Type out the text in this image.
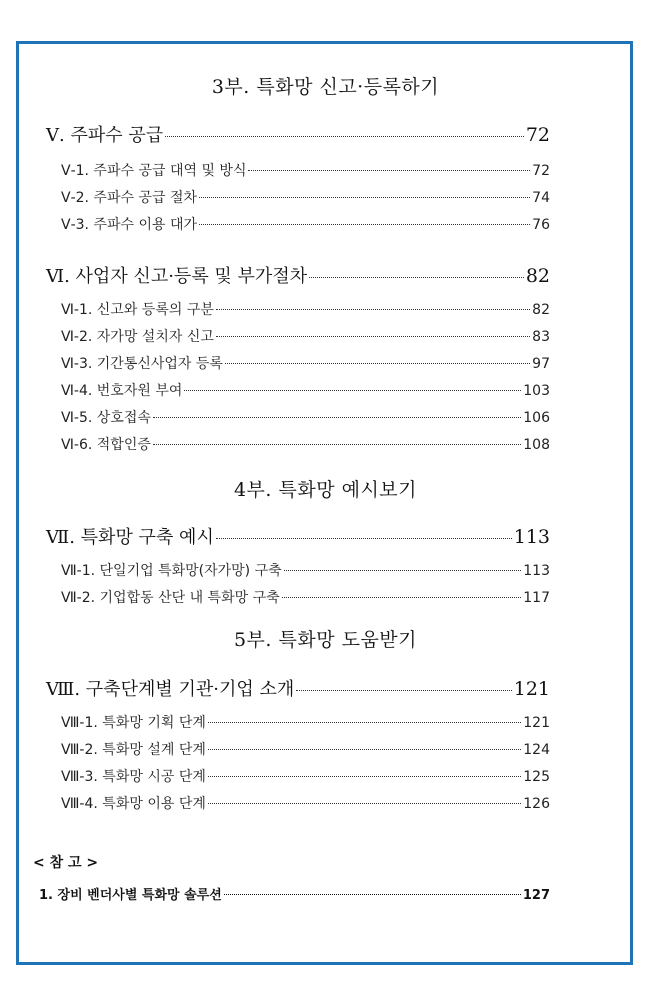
3부. 특화망 신고·등록하기
Ⅴ. 주파수 공급	72
Ⅴ-1. 주파수 공급 대역 및 방식	72
Ⅴ-2. 주파수 공급 절차	74
Ⅴ-3. 주파수 이용 대가	76
Ⅵ. 사업자 신고·등록 및 부가절차	82
Ⅵ-1. 신고와 등록의 구분	82
Ⅵ-2. 자가망 설치자 신고	83
Ⅵ-3. 기간통신사업자 등록	97
Ⅵ-4. 번호자원 부여	103
Ⅵ-5. 상호접속	106
Ⅵ-6. 적합인증	108
4부. 특화망 예시보기
Ⅶ. 특화망 구축 예시	113
Ⅶ-1. 단일기업 특화망(자가망) 구축	113
Ⅶ-2. 기업합동 산단 내 특화망 구축	117
5부. 특화망 도움받기
Ⅷ. 구축단계별 기관·기업 소개	121
Ⅷ-1. 특화망 기획 단계	121
Ⅷ-2. 특화망 설계 단계	124
Ⅷ-3. 특화망 시공 단계	125
Ⅷ-4. 특화망 이용 단계	126
< 참 고 >
1. 장비 벤더사별 특화망 솔루션	127
